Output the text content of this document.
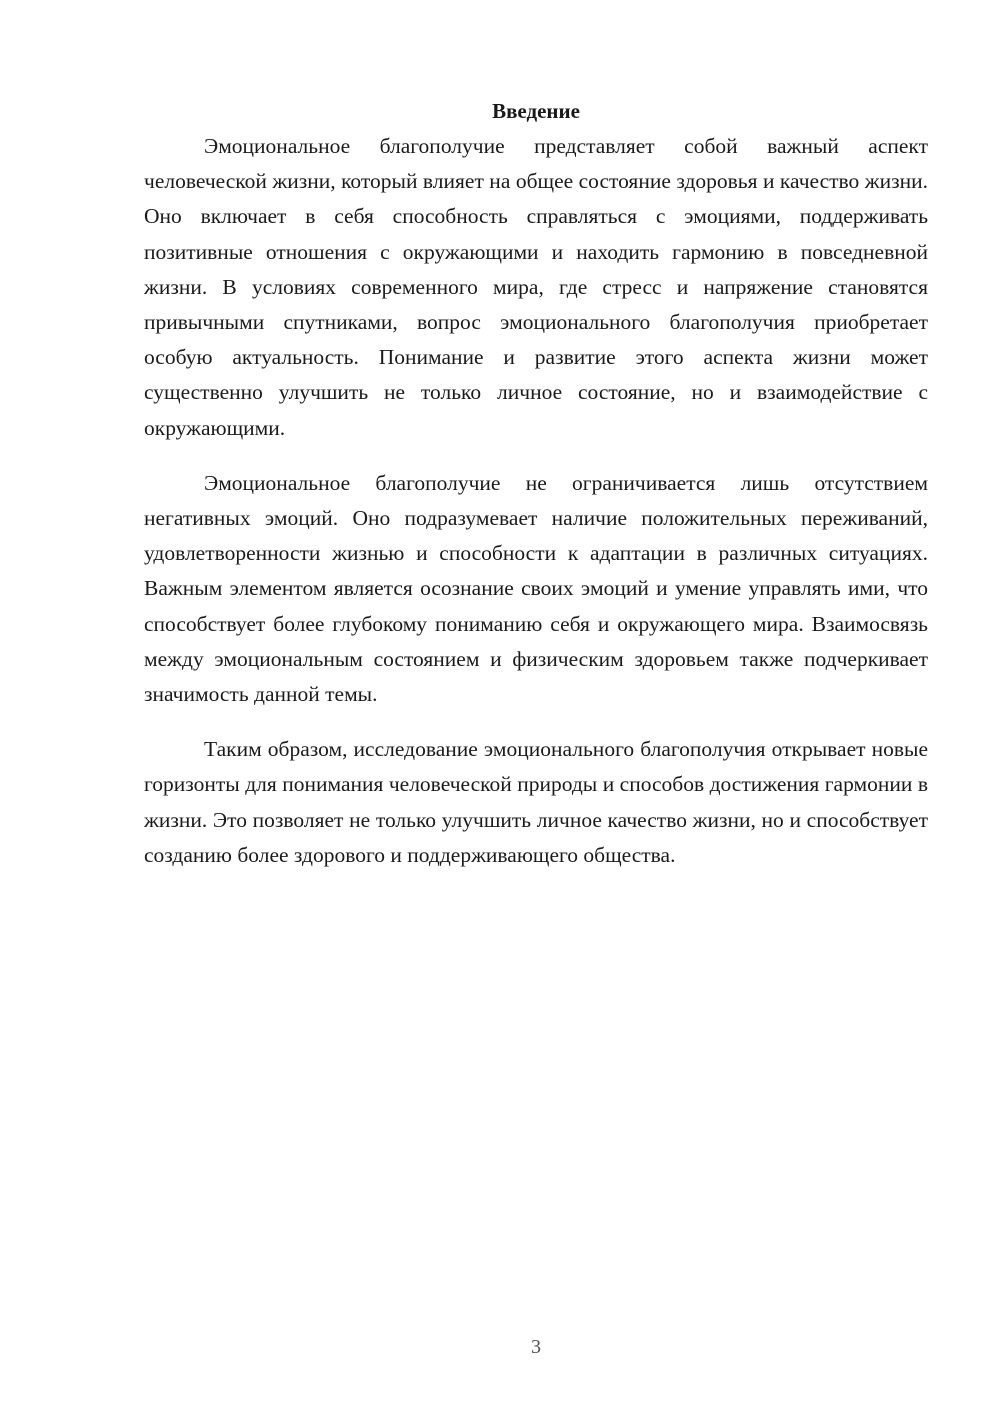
Введение

Эмоциональное благополучие представляет собой важный аспект человеческой жизни, который влияет на общее состояние здоровья и качество жизни. Оно включает в себя способность справляться с эмоциями, поддерживать позитивные отношения с окружающими и находить гармонию в повседневной жизни. В условиях современного мира, где стресс и напряжение становятся привычными спутниками, вопрос эмоционального благополучия приобретает особую актуальность. Понимание и развитие этого аспекта жизни может существенно улучшить не только личное состояние, но и взаимодействие с окружающими.

Эмоциональное благополучие не ограничивается лишь отсутствием негативных эмоций. Оно подразумевает наличие положительных переживаний, удовлетворенности жизнью и способности к адаптации в различных ситуациях. Важным элементом является осознание своих эмоций и умение управлять ими, что способствует более глубокому пониманию себя и окружающего мира. Взаимосвязь между эмоциональным состоянием и физическим здоровьем также подчеркивает значимость данной темы.

Таким образом, исследование эмоционального благополучия открывает новые горизонты для понимания человеческой природы и способов достижения гармонии в жизни. Это позволяет не только улучшить личное качество жизни, но и способствует созданию более здорового и поддерживающего общества.

3
